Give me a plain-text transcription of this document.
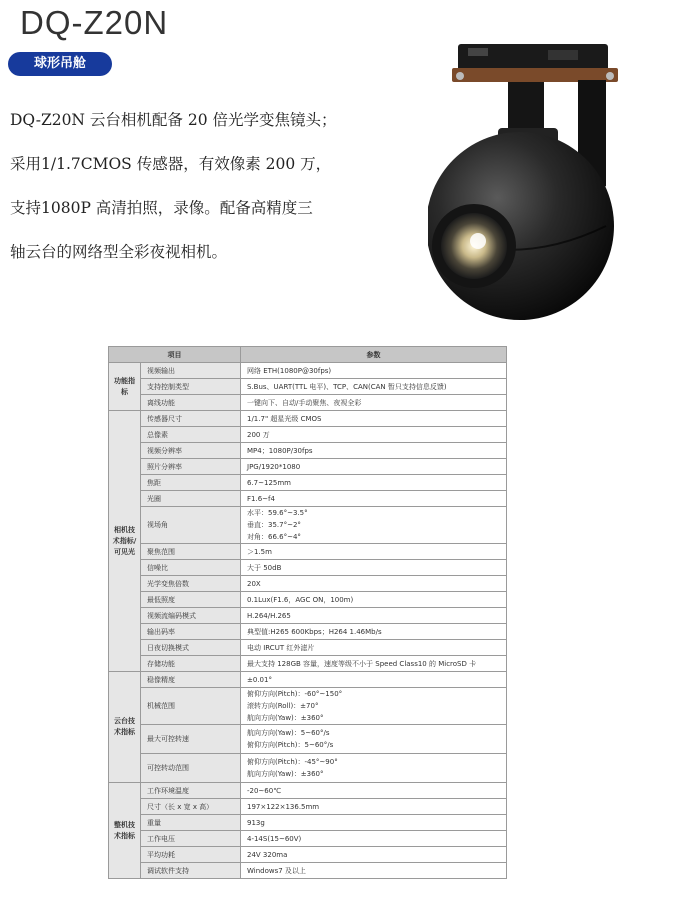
DQ-Z20N
球形吊舱

DQ-Z20N 云台相机配备 20 倍光学变焦镜头；

采用1/1.7CMOS 传感器，有效像素 200 万，

支持1080P 高清拍照，录像。配备高精度三

轴云台的网络型全彩夜视相机。

项目		参数
功能指标	视频输出	网络 ETH(1080P@30fps)

	支持控制类型	S.Bus、UART(TTL 电平)、TCP、CAN(CAN 暂只支持信息反馈)

	离线功能	一键向下、自动/手动聚焦、夜视全彩

相机技术指标/可见光	传感器尺寸	1/1.7" 超星光级 CMOS

	总像素	200 万

	视频分辨率	MP4；1080P/30fps

	照片分辨率	JPG/1920*1080

	焦距	6.7~125mm

	光圈	F1.6~f4

	视场角	水平：59.6°~3.5°
垂直：35.7°~2°
对角：66.6°~4°

	聚焦范围	＞1.5m

	信噪比	大于 50dB

	光学变焦倍数	20X

	最低照度	0.1Lux(F1.6，AGC ON，100m)

	视频流编码模式	H.264/H.265

	输出码率	典型值:H265 600Kbps；H264 1.46Mb/s

	日夜切换模式	电动 IRCUT 红外滤片

	存储功能	最大支持 128GB 容量，速度等级不小于 Speed Class10 的 MicroSD 卡

云台技术指标	稳像精度	±0.01°

	机械范围	俯仰方向(Pitch)：-60°~150°
滚转方向(Roll)：±70°
航向方向(Yaw)：±360°

	最大可控转速	航向方向(Yaw)：5~60°/s
俯仰方向(Pitch)：5~60°/s

	可控转动范围	俯仰方向(Pitch)：-45°~90°
航向方向(Yaw)：±360°

整机技术指标	工作环境温度	-20~60℃

	尺寸（长 x 宽 x 高）	197×122×136.5mm

	重量	913g

	工作电压	4-14S(15~60V)

	平均功耗	24V 320ma

	调试软件支持	Windows7 及以上
